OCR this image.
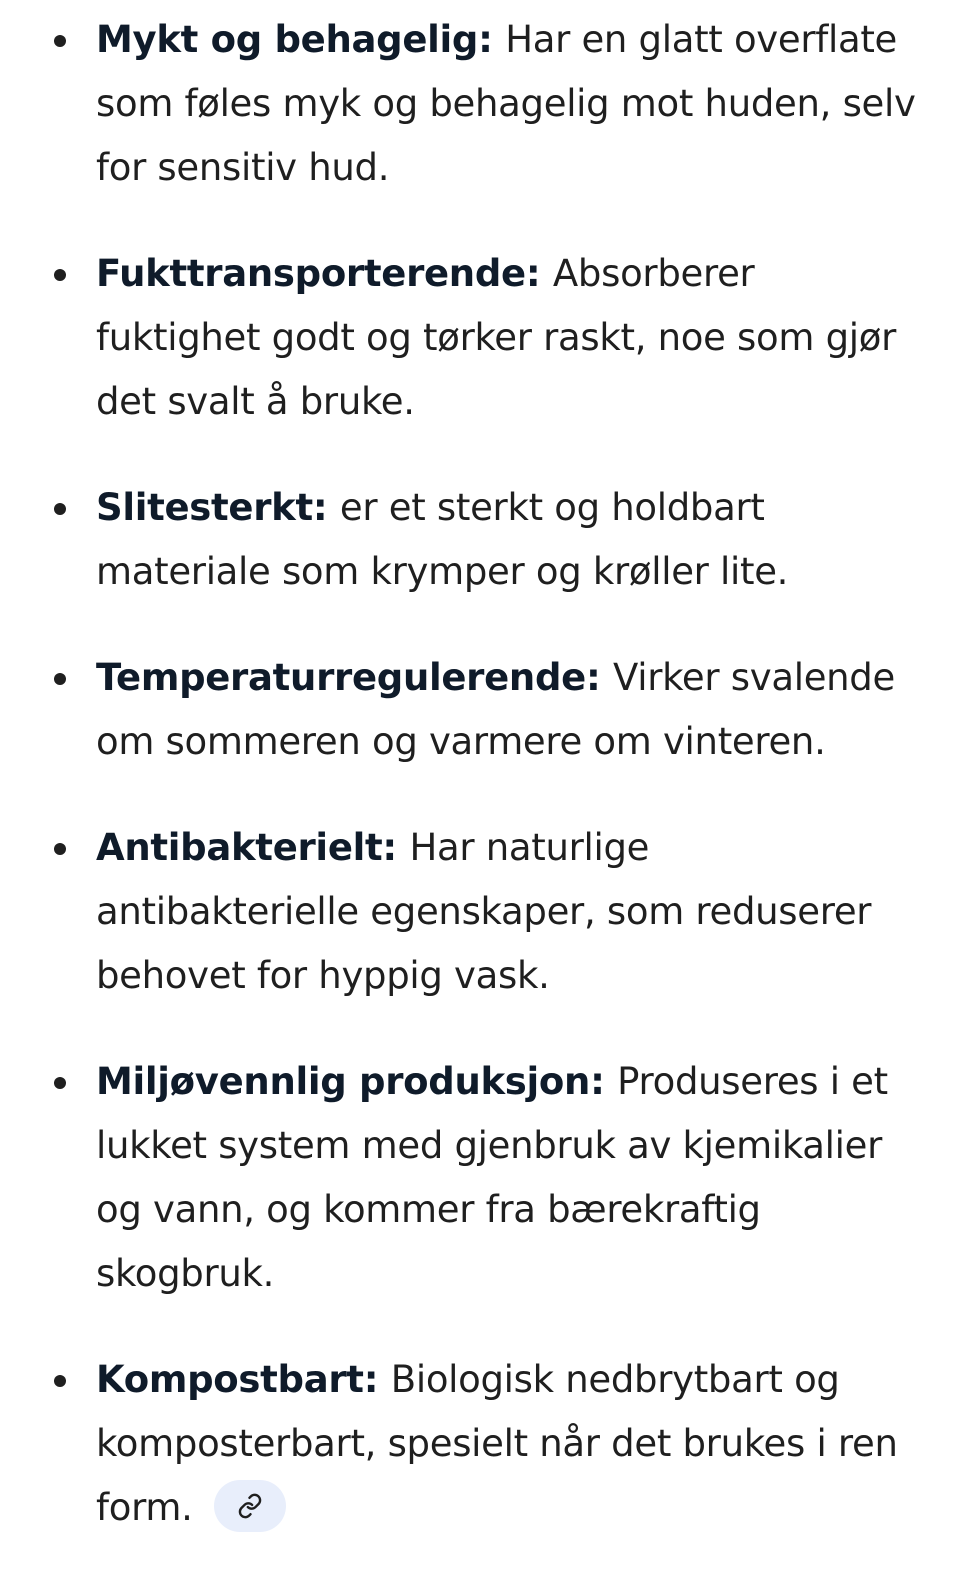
Mykt og behagelig: Har en glatt overflate som føles myk og behagelig mot huden, selv for sensitiv hud.
Fukttransporterende: Absorberer fuktighet godt og tørker raskt, noe som gjør det svalt å bruke.
Slitesterkt: er et sterkt og holdbart materiale som krymper og krøller lite.
Temperaturregulerende: Virker svalende om sommeren og varmere om vinteren.
Antibakterielt: Har naturlige antibakterielle egenskaper, som reduserer behovet for hyppig vask.
Miljøvennlig produksjon: Produseres i et lukket system med gjenbruk av kjemikalier og vann, og kommer fra bærekraftig skogbruk.
Kompostbart: Biologisk nedbrytbart og komposterbart, spesielt når det brukes i ren form.
